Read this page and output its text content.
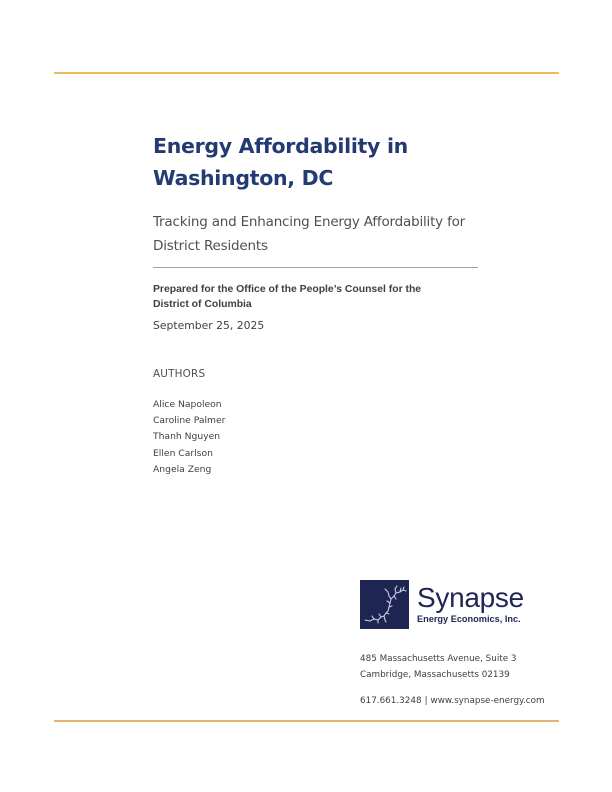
Energy Affordability in
Washington, DC
Tracking and Enhancing Energy Affordability for
District Residents
Prepared for the Office of the People’s Counsel for the
District of Columbia
September 25, 2025
AUTHORS
Alice Napoleon
Caroline Palmer
Thanh Nguyen
Ellen Carlson
Angela Zeng
Synapse
Energy Economics, Inc.
485 Massachusetts Avenue, Suite 3
Cambridge, Massachusetts 02139
617.661.3248 | www.synapse-energy.com
